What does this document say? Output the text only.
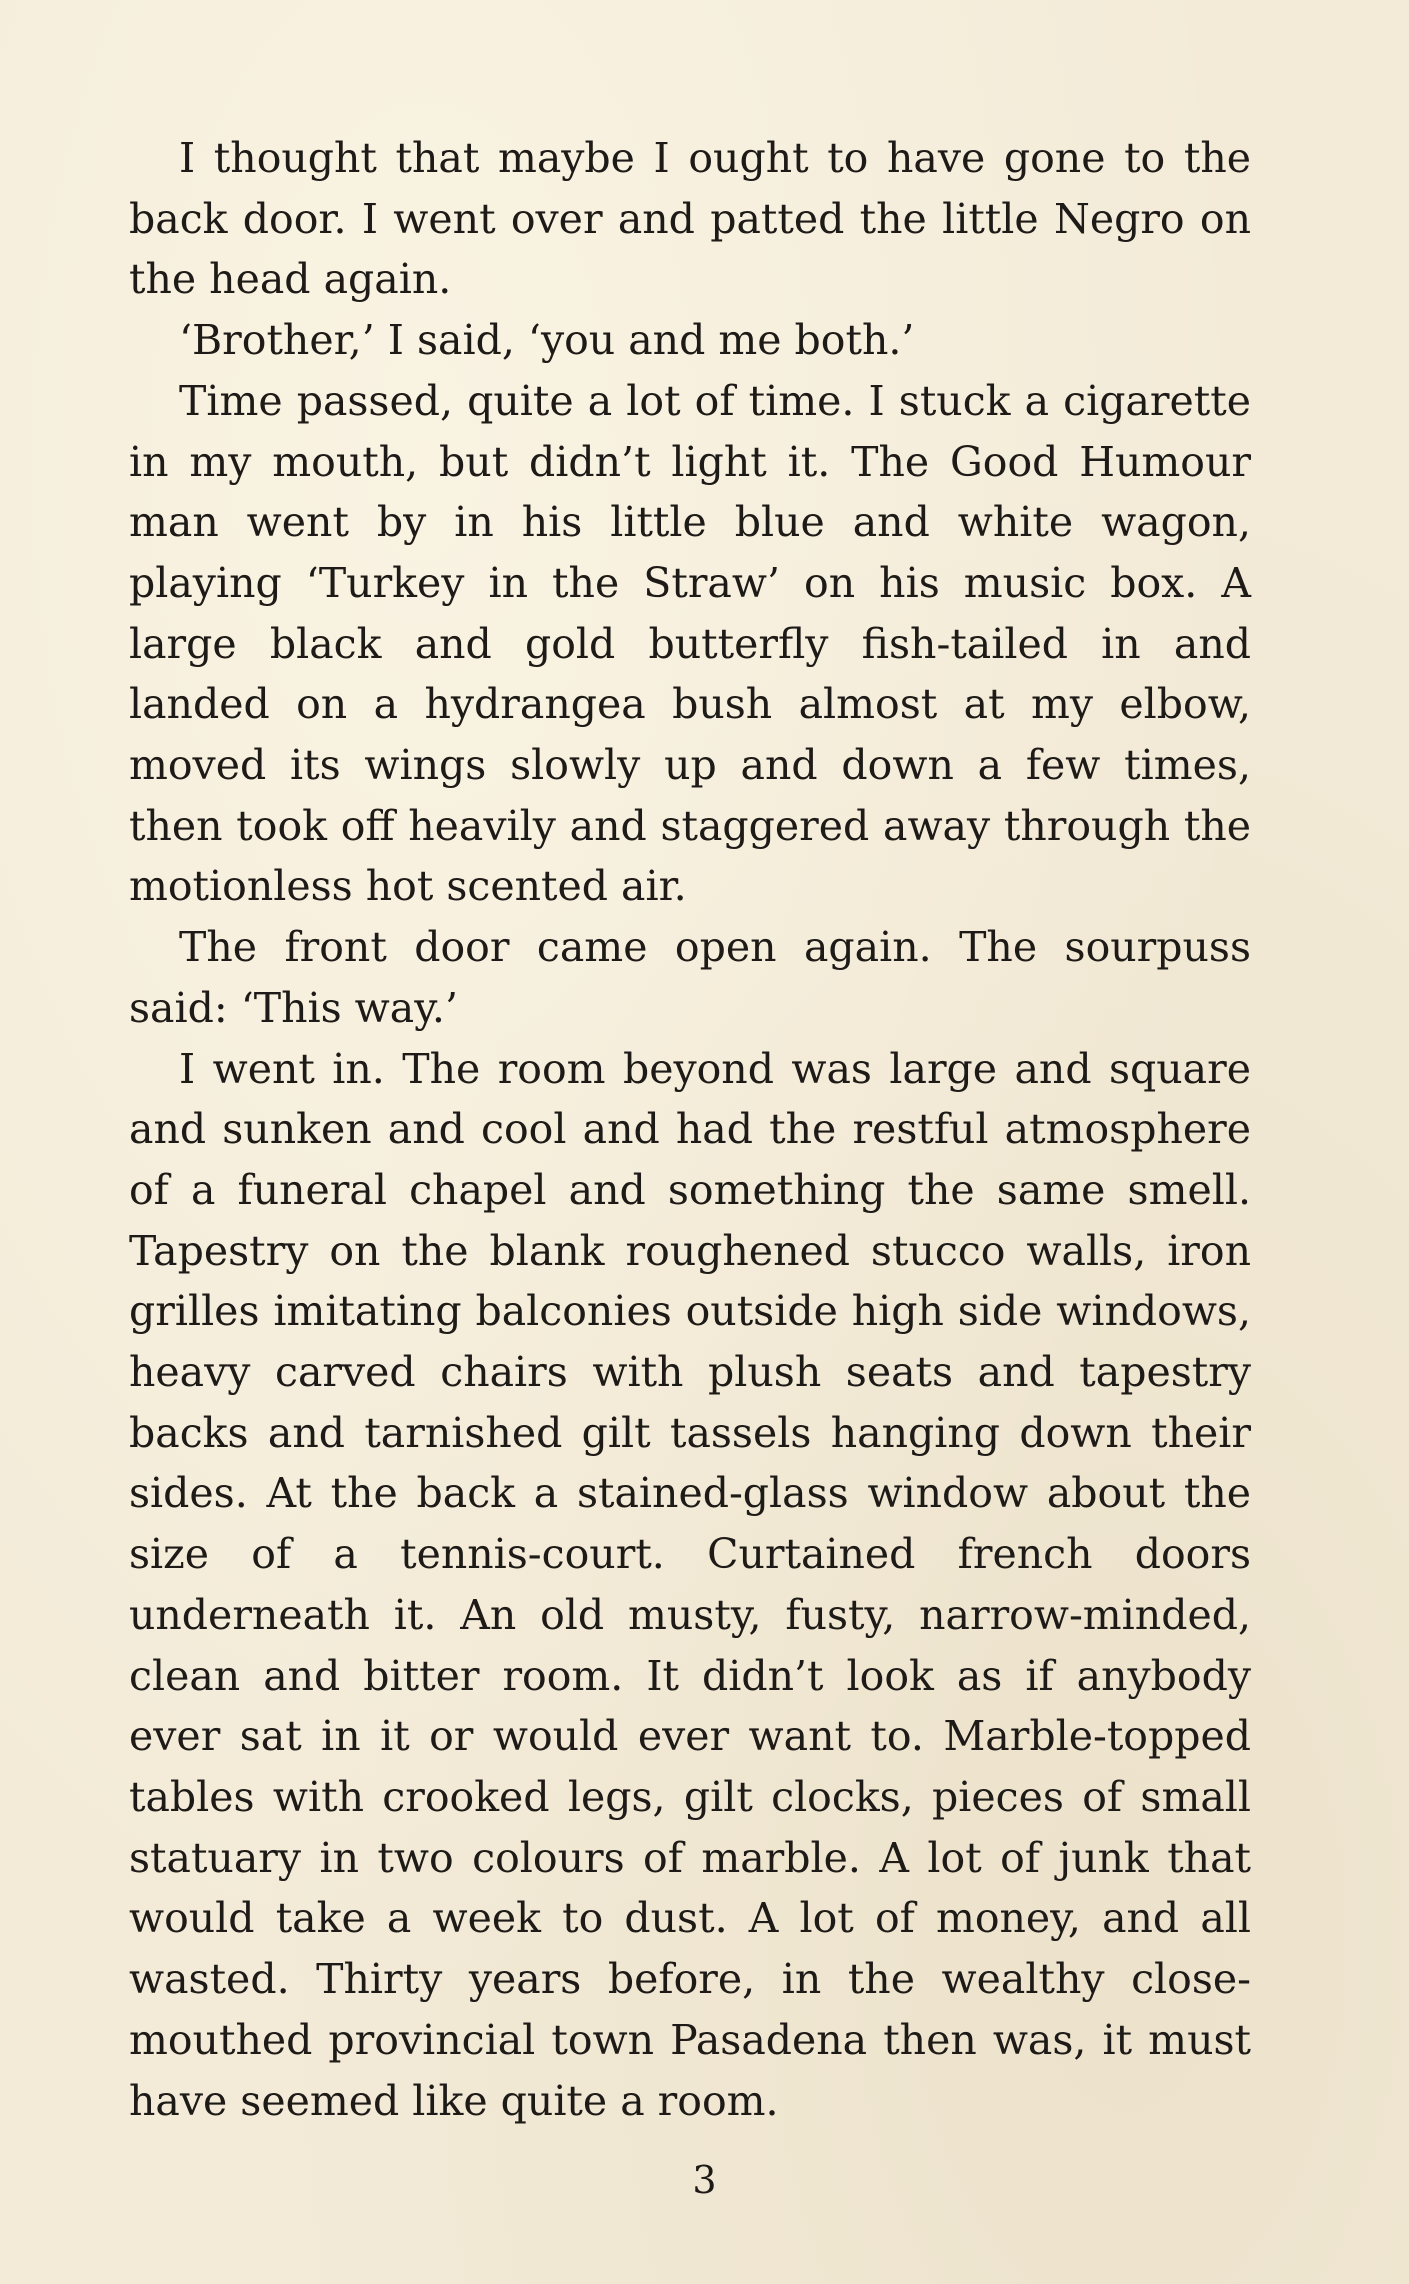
I thought that maybe I ought to have gone to the back door. I went over and patted the little Negro on the head again.

‘Brother,’ I said, ‘you and me both.’

Time passed, quite a lot of time. I stuck a cigarette in my mouth, but didn’t light it. The Good Humour man went by in his little blue and white wagon, playing ‘Turkey in the Straw’ on his music box. A large black and gold butterfly fish-tailed in and landed on a hydrangea bush almost at my elbow, moved its wings slowly up and down a few times, then took off heavily and staggered away through the motionless hot scented air.

The front door came open again. The sourpuss said: ‘This way.’

I went in. The room beyond was large and square and sunken and cool and had the restful atmosphere of a funeral chapel and something the same smell. Tapestry on the blank roughened stucco walls, iron grilles imitating balconies outside high side windows, heavy carved chairs with plush seats and tapestry backs and tarnished gilt tassels hanging down their sides. At the back a stained-glass window about the size of a tennis-court. Curtained french doors underneath it. An old musty, fusty, narrow-minded, clean and bitter room. It didn’t look as if anybody ever sat in it or would ever want to. Marble-topped tables with crooked legs, gilt clocks, pieces of small statuary in two colours of marble. A lot of junk that would take a week to dust. A lot of money, and all wasted. Thirty years before, in the wealthy close-mouthed provincial town Pasadena then was, it must have seemed like quite a room.

3
